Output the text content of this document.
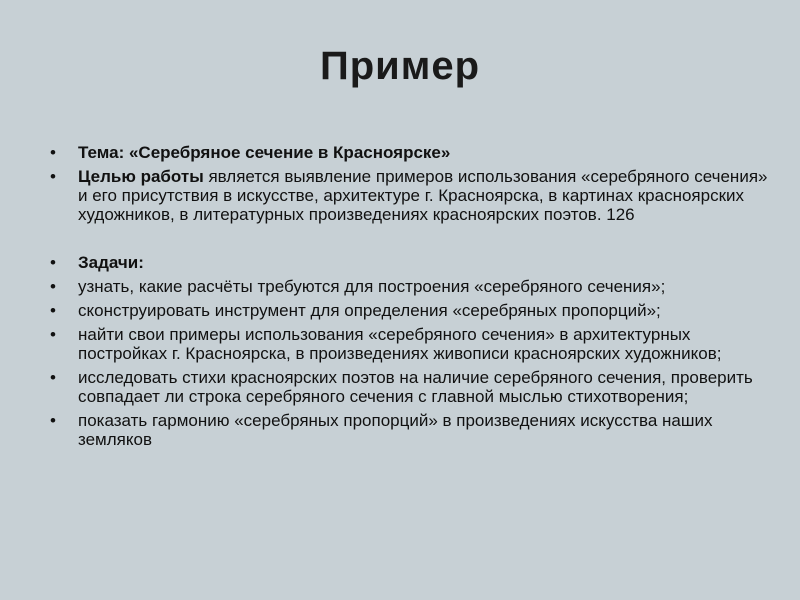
Пример
•	Тема: «Серебряное сечение в Красноярске»
•	Целью работы является выявление примеров использования «серебряного сечения» и его присутствия в искусстве, архитектуре г. Красноярска, в картинах красноярских художников, в литературных произведениях красноярских поэтов. 126
•	Задачи:
•	узнать, какие расчёты требуются для построения «серебряного сечения»;
•	сконструировать инструмент для определения «серебряных пропорций»;
•	найти свои примеры использования «серебряного сечения» в архитектурных постройках г. Красноярска, в произведениях живописи красноярских художников;
•	исследовать стихи красноярских поэтов на наличие серебряного сечения, проверить совпадает ли строка серебряного сечения с главной мыслью стихотворения;
•	показать гармонию «серебряных пропорций» в произведениях искусства наших земляков
